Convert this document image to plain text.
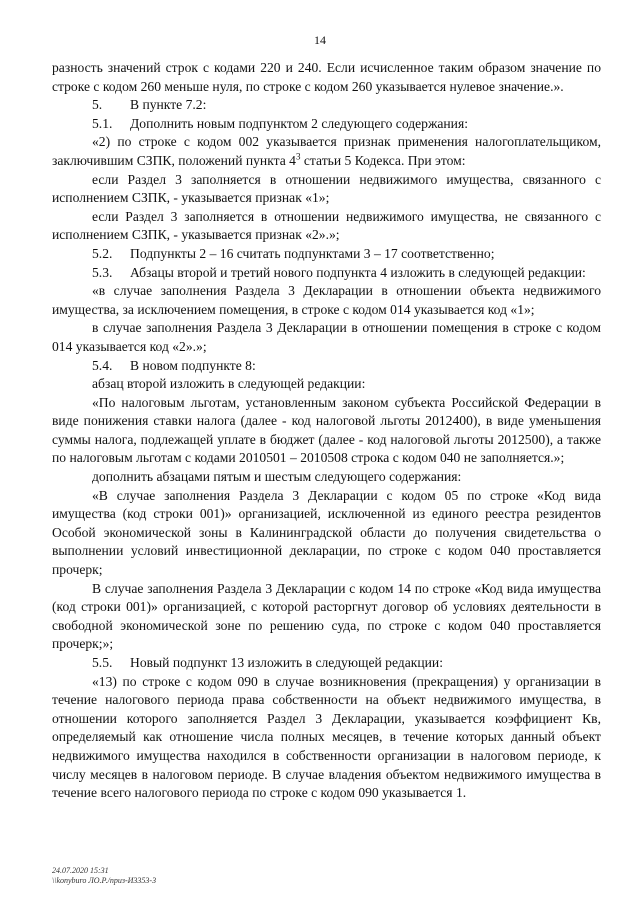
14

разность значений строк с кодами 220 и 240. Если исчисленное таким образом значение по строке с кодом 260 меньше нуля, по строке с кодом 260 указывается нулевое значение.».

5. В пункте 7.2:

5.1. Дополнить новым подпунктом 2 следующего содержания:

«2) по строке с кодом 002 указывается признак применения налогоплательщиком, заключившим СЗПК, положений пункта $4^3$ статьи 5 Кодекса. При этом:

если Раздел 3 заполняется в отношении недвижимого имущества, связанного с исполнением СЗПК, - указывается признак «1»;

если Раздел 3 заполняется в отношении недвижимого имущества, не связанного с исполнением СЗПК, - указывается признак «2».»;

5.2. Подпункты 2 – 16 считать подпунктами 3 – 17 соответственно;

5.3. Абзацы второй и третий нового подпункта 4 изложить в следующей редакции:

«в случае заполнения Раздела 3 Декларации в отношении объекта недвижимого имущества, за исключением помещения, в строке с кодом 014 указывается код «1»;

в случае заполнения Раздела 3 Декларации в отношении помещения в строке с кодом 014 указывается код «2».»;

5.4. В новом подпункте 8:

абзац второй изложить в следующей редакции:

«По налоговым льготам, установленным законом субъекта Российской Федерации в виде понижения ставки налога (далее - код налоговой льготы 2012400), в виде уменьшения суммы налога, подлежащей уплате в бюджет (далее - код налоговой льготы 2012500), а также по налоговым льготам с кодами 2010501 – 2010508 строка с кодом 040 не заполняется.»;

дополнить абзацами пятым и шестым следующего содержания:

«В случае заполнения Раздела 3 Декларации с кодом 05 по строке «Код вида имущества (код строки 001)» организацией, исключенной из единого реестра резидентов Особой экономической зоны в Калининградской области до получения свидетельства о выполнении условий инвестиционной декларации, по строке с кодом 040 проставляется прочерк;

В случае заполнения Раздела 3 Декларации с кодом 14 по строке «Код вида имущества (код строки 001)» организацией, с которой расторгнут договор об условиях деятельности в свободной экономической зоне по решению суда, по строке с кодом 040 проставляется прочерк;»;

5.5. Новый подпункт 13 изложить в следующей редакции:

«13) по строке с кодом 090 в случае возникновения (прекращения) у организации в течение налогового периода права собственности на объект недвижимого имущества, в отношении которого заполняется Раздел 3 Декларации, указывается коэффициент Кв, определяемый как отношение числа полных месяцев, в течение которых данный объект недвижимого имущества находился в собственности организации в налоговом периоде, к числу месяцев в налоговом периоде. В случае владения объектом недвижимого имущества в течение всего налогового периода по строке с кодом 090 указывается 1.

24.07.2020 15:31
\\konyburo ЛО.Р./приз-И3353-3
